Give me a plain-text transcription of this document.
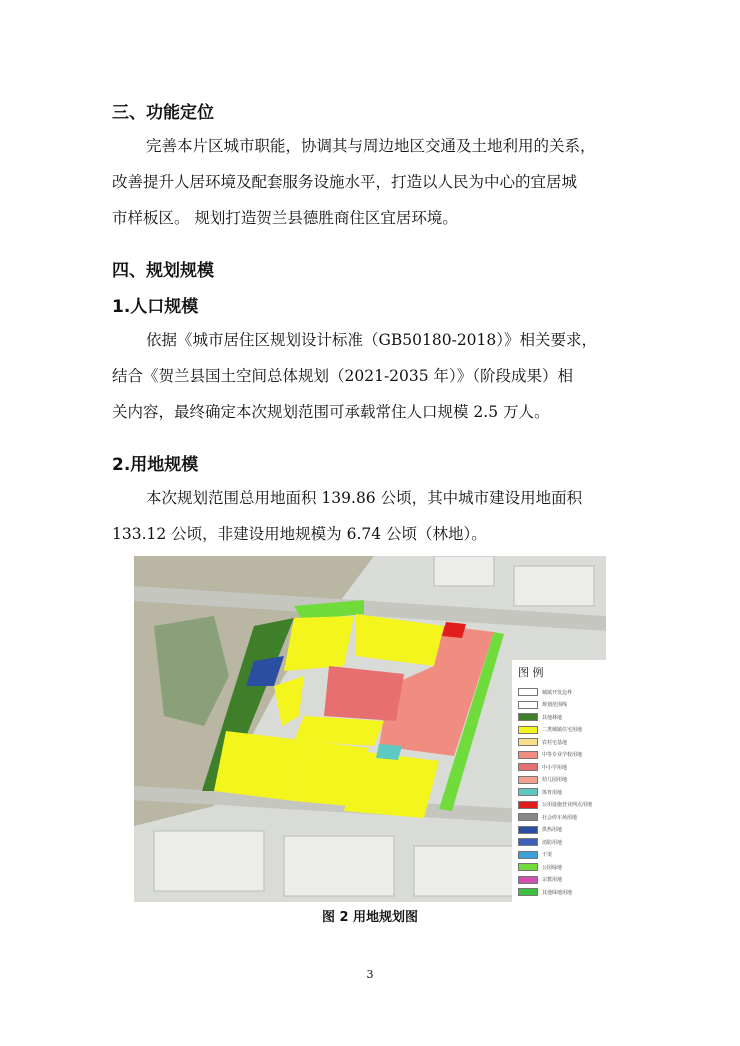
三、功能定位
完善本片区城市职能，协调其与周边地区交通及土地利用的关系，
改善提升人居环境及配套服务设施水平，打造以人民为中心的宜居城
市样板区。 规划打造贺兰县德胜商住区宜居环境。
四、规划规模
1.人口规模
依据《城市居住区规划设计标准（GB50180-2018）》相关要求，
结合《贺兰县国土空间总体规划（2021-2035 年）》（阶段成果）相
关内容，最终确定本次规划范围可承载常住人口规模 2.5 万人。
2.用地规模
本次规划范围总用地面积 139.86 公顷，其中城市建设用地面积
133.12 公顷，非建设用地规模为 6.74 公顷（林地）。
图 例
城镇开发边界
规划范围线
其他林地
二类城镇住宅用地
农村宅基地
中等专业学校用地
中小学用地
幼儿园用地
体育用地
公用设施营业网点用地
社会停车场用地
供热用地
消防用地
干渠
公园绿地
宗教用地
其他绿地用地
图 2 用地规划图
3
